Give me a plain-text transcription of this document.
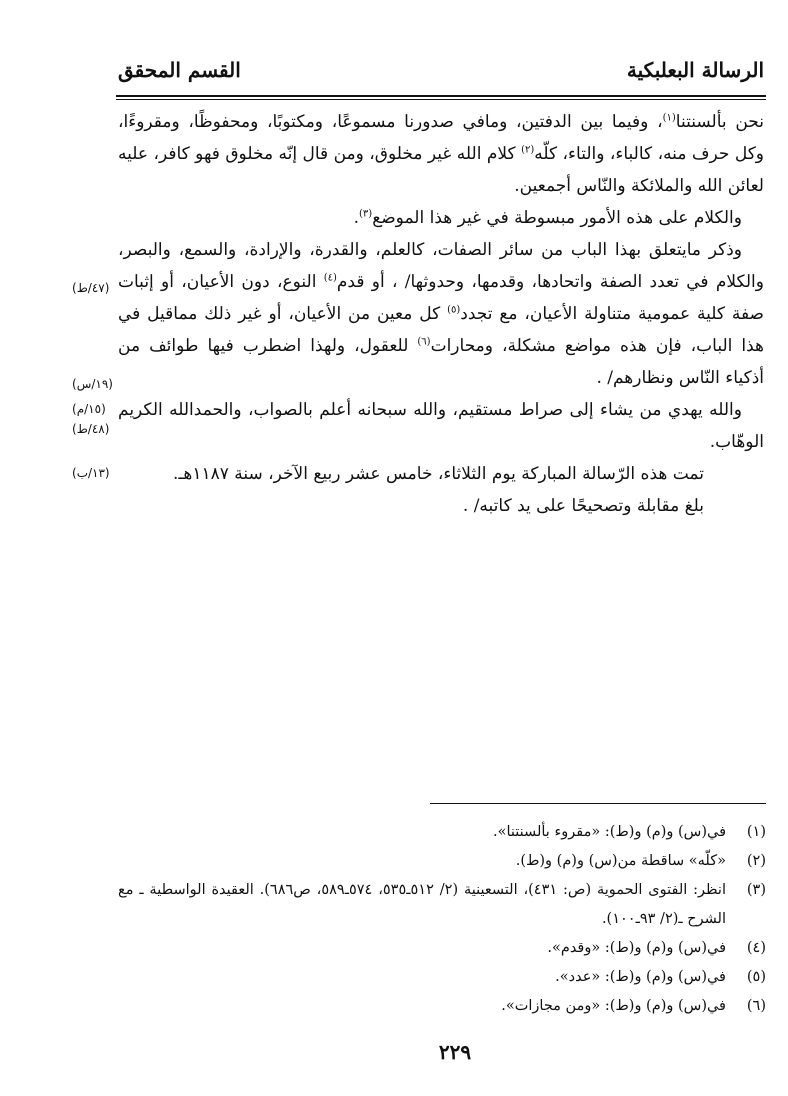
الرسالة البعلبكية
القسم المحقق

نحن بألسنتنا$^{(١)}$، وفيما بين الدفتين، ومافي صدورنا مسموعًا، ومكتوبًا، ومحفوظًا، ومقروءًا، وكل حرف منه، كالباء، والتاء، كلّه$^{(٢)}$ كلام الله غير مخلوق، ومن قال إنّه مخلوق فهو كافر، عليه لعائن الله والملائكة والنّاس أجمعين.

والكلام على هذه الأمور مبسوطة في غير هذا الموضع$^{(٣)}$.

وذكر مايتعلق بهذا الباب من سائر الصفات، كالعلم، والقدرة، والإرادة، والسمع، والبصر، والكلام في تعدد الصفة واتحادها، وقدمها، وحدوثها/ ، أو قدم$^{(٤)}$ النوع، دون الأعيان، أو إثبات صفة كلية عمومية متناولة الأعيان، مع تجدد$^{(٥)}$ كل معين من الأعيان، أو غير ذلك مماقيل في هذا الباب، فإن هذه مواضع مشكلة، ومحارات$^{(٦)}$ للعقول، ولهذا اضطرب فيها طوائف من أذكياء النّاس ونظارهم/ .

والله يهدي من يشاء إلى صراط مستقيم، والله سبحانه أعلم بالصواب، والحمدالله الكريم الوهّاب.

تمت هذه الرّسالة المباركة يوم الثلاثاء، خامس عشر ربيع الآخر، سنة ١١٨٧هـ.

بلغ مقابلة وتصحيحًا على يد كاتبه/ .

(٤٧/ط)
(١٩/س)
(١٥/م)
(٤٨/ط)
(١٣/ب)
(١)
في(س) و(م) و(ط): «مقروء بألسنتنا».
(٢)
«كلّه» ساقطة من(س) و(م) و(ط).
(٣)
انظر: الفتوى الحموية (ص: ٤٣١)، التسعينية (٢/ ٥١٢ـ٥٣٥، ٥٧٤ـ٥٨٩، ص٦٨٦). العقيدة الواسطية ـ مع الشرح ـ(٢/ ٩٣ـ١٠٠).
(٤)
في(س) و(م) و(ط): «وقدم».
(٥)
في(س) و(م) و(ط): «عدد».
(٦)
في(س) و(م) و(ط): «ومن مجازات».
٢٢٩
